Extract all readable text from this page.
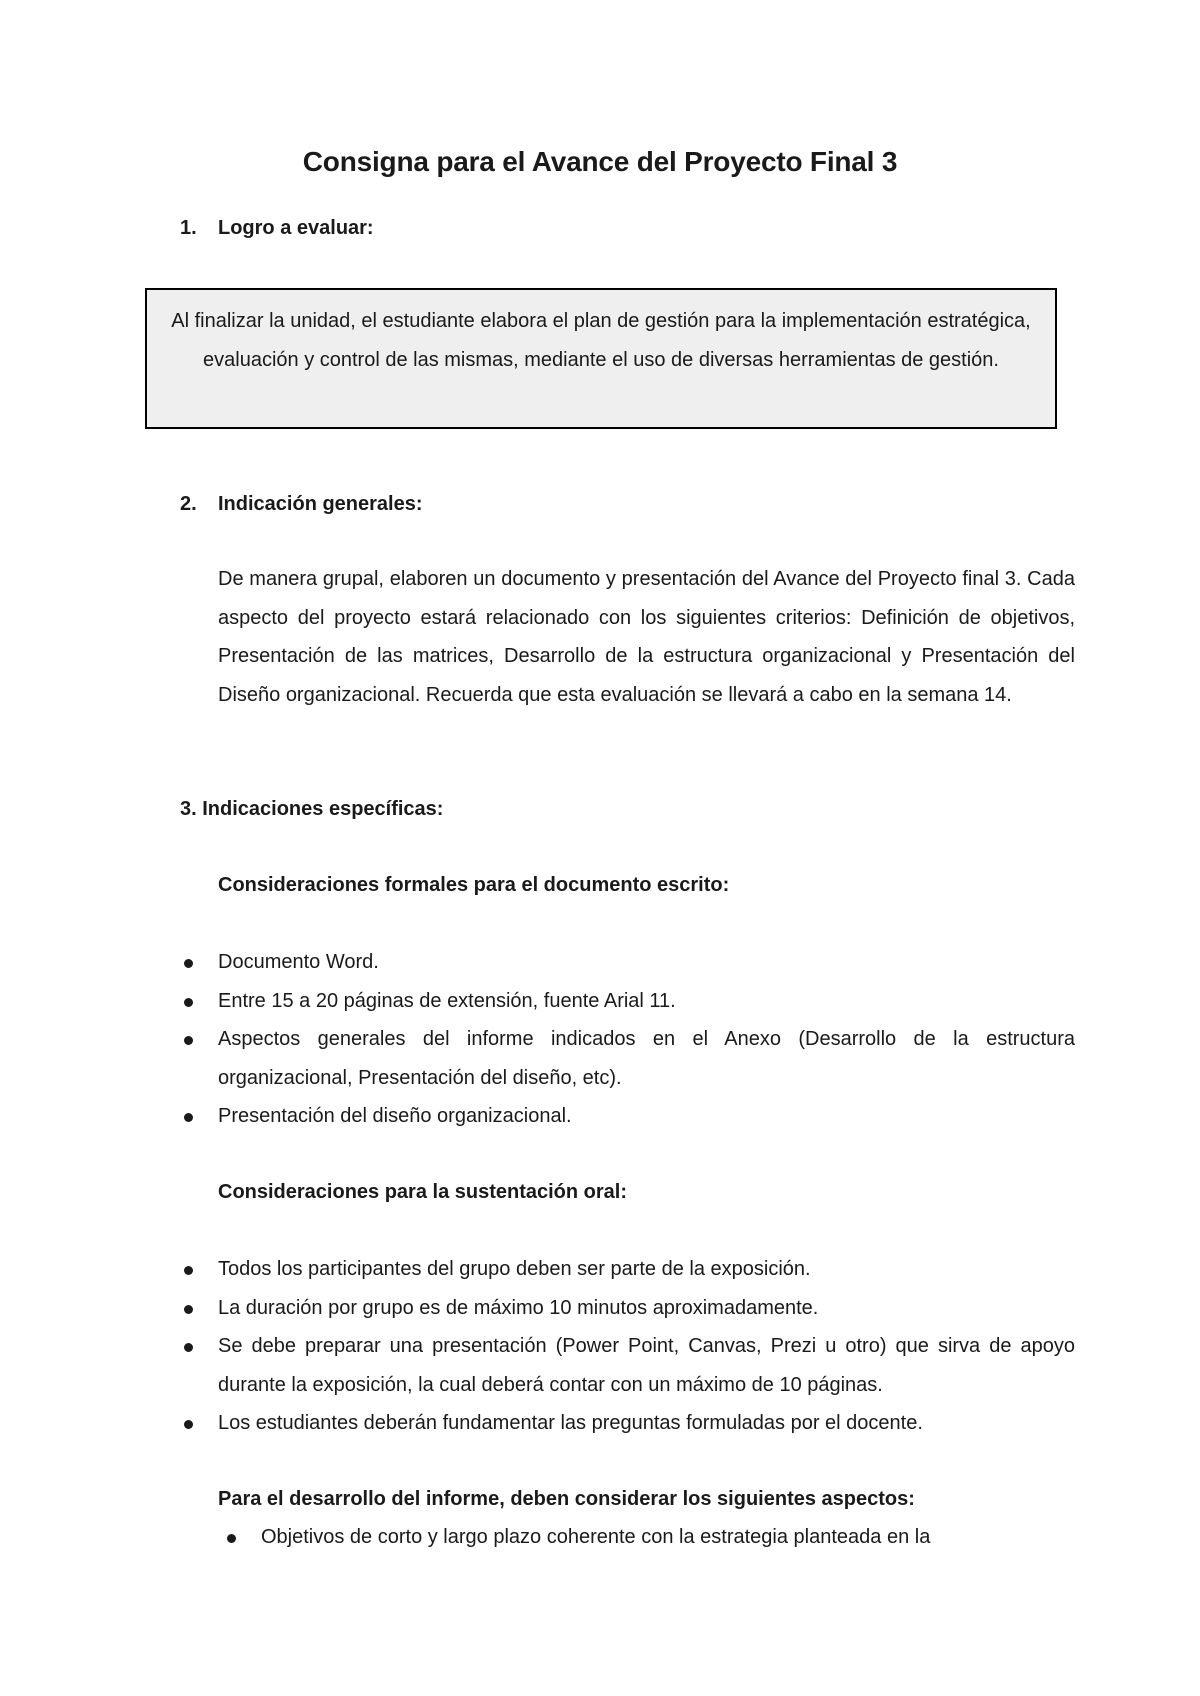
Consigna para el Avance del Proyecto Final 3
1. Logro a evaluar:
Al finalizar la unidad, el estudiante elabora el plan de gestión para la implementación estratégica, evaluación y control de las mismas, mediante el uso de diversas herramientas de gestión.
2. Indicación generales:

De manera grupal, elaboren un documento y presentación del Avance del Proyecto final 3. Cada aspecto del proyecto estará relacionado con los siguientes criterios: Definición de objetivos, Presentación de las matrices, Desarrollo de la estructura organizacional y Presentación del Diseño organizacional. Recuerda que esta evaluación se llevará a cabo en la semana 14.

3. Indicaciones específicas:
Consideraciones formales para el documento escrito:
Documento Word.
Entre 15 a 20 páginas de extensión, fuente Arial 11.
Aspectos generales del informe indicados en el Anexo (Desarrollo de la estructura organizacional, Presentación del diseño, etc).
Presentación del diseño organizacional.
Consideraciones para la sustentación oral:
Todos los participantes del grupo deben ser parte de la exposición.
La duración por grupo es de máximo 10 minutos aproximadamente.
Se debe preparar una presentación (Power Point, Canvas, Prezi u otro) que sirva de apoyo durante la exposición, la cual deberá contar con un máximo de 10 páginas.
Los estudiantes deberán fundamentar las preguntas formuladas por el docente.
Para el desarrollo del informe, deben considerar los siguientes aspectos:
Objetivos de corto y largo plazo coherente con la estrategia planteada en la
